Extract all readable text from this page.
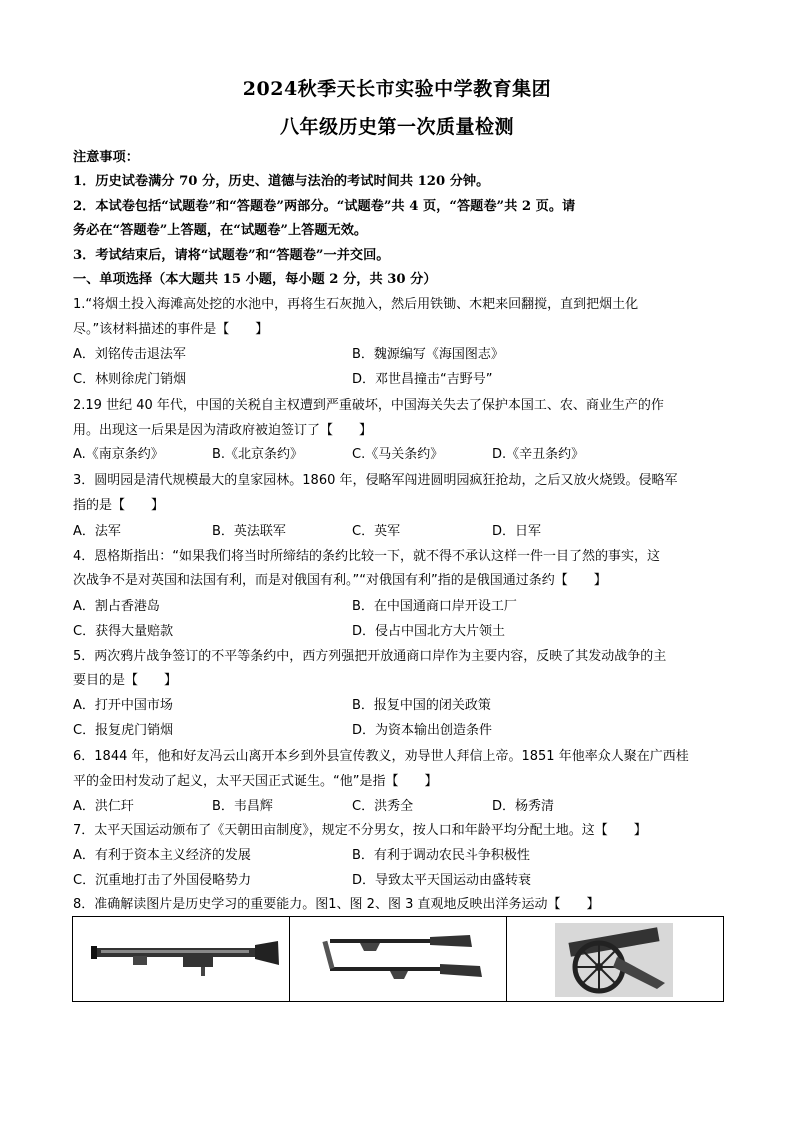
2024秋季天长市实验中学教育集团
八年级历史第一次质量检测
注意事项：
1．历史试卷满分 70 分，历史、道德与法治的考试时间共 120 分钟。
2．本试卷包括“试题卷”和“答题卷”两部分。“试题卷”共 4 页，“答题卷”共 2 页。请
务必在“答题卷”上答题，在“试题卷”上答题无效。
3．考试结束后，请将“试题卷”和“答题卷”一并交回。
一、单项选择（本大题共 15 小题，每小题 2 分，共 30 分）
1.“将烟土投入海滩高处挖的水池中，再将生石灰抛入，然后用铁锄、木耙来回翻搅，直到把烟土化
尽。”该材料描述的事件是【　　】
A．刘铭传击退法军	B．魏源编写《海国图志》
C．林则徐虎门销烟	D．邓世昌撞击“吉野号”
2.19 世纪 40 年代，中国的关税自主权遭到严重破坏，中国海关失去了保护本国工、农、商业生产的作
用。出现这一后果是因为清政府被迫签订了【　　】
A.《南京条约》	B.《北京条约》	C.《马关条约》	D.《辛丑条约》
3．圆明园是清代规模最大的皇家园林。1860 年，侵略军闯进圆明园疯狂抢劫，之后又放火烧毁。侵略军
指的是【　　】
A．法军	B．英法联军	C．英军	D．日军
4．恩格斯指出：“如果我们将当时所缔结的条约比较一下，就不得不承认这样一件一目了然的事实，这
次战争不是对英国和法国有利，而是对俄国有利。”“对俄国有利”指的是俄国通过条约【　　】
A．割占香港岛	B．在中国通商口岸开设工厂
C．获得大量赔款	D．侵占中国北方大片领土
5．两次鸦片战争签订的不平等条约中，西方列强把开放通商口岸作为主要内容，反映了其发动战争的主
要目的是【　　】
A．打开中国市场	B．报复中国的闭关政策
C．报复虎门销烟	D．为资本输出创造条件
6．1844 年，他和好友冯云山离开本乡到外县宣传教义，劝导世人拜信上帝。1851 年他率众人聚在广西桂
平的金田村发动了起义，太平天国正式诞生。“他”是指【　　】
A．洪仁玕	B．韦昌辉	C．洪秀全	D．杨秀清
7．太平天国运动颁布了《天朝田亩制度》，规定不分男女，按人口和年龄平均分配土地。这【　　】
A．有利于资本主义经济的发展	B．有利于调动农民斗争积极性
C．沉重地打击了外国侵略势力	D．导致太平天国运动由盛转衰
8．准确解读图片是历史学习的重要能力。图1、图 2、图 3 直观地反映出洋务运动【　　】
